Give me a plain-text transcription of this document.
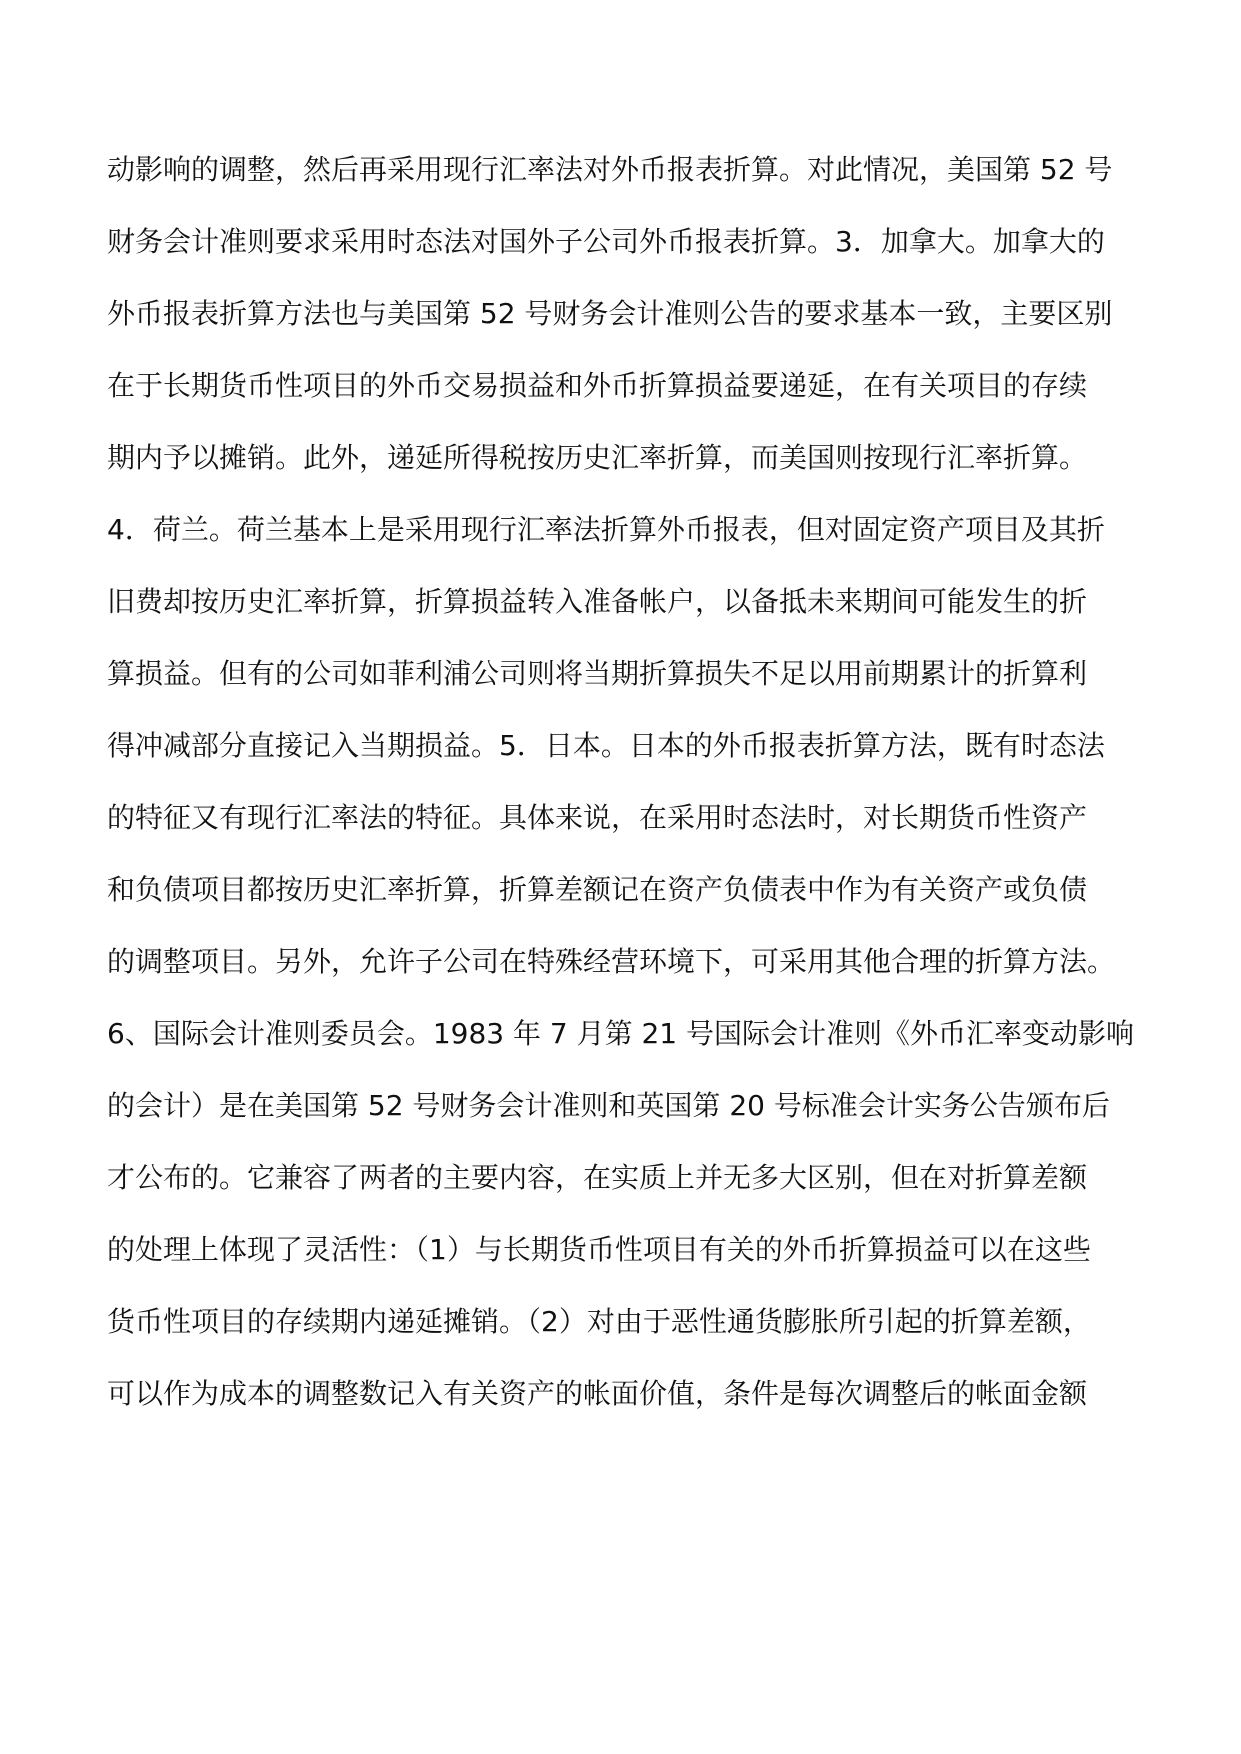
动影响的调整，然后再采用现行汇率法对外币报表折算。对此情况，美国第 52 号
财务会计准则要求采用时态法对国外子公司外币报表折算。3．加拿大。加拿大的
外币报表折算方法也与美国第 52 号财务会计准则公告的要求基本一致，主要区别
在于长期货币性项目的外币交易损益和外币折算损益要递延，在有关项目的存续
期内予以摊销。此外，递延所得税按历史汇率折算，而美国则按现行汇率折算。
4．荷兰。荷兰基本上是采用现行汇率法折算外币报表，但对固定资产项目及其折
旧费却按历史汇率折算，折算损益转入准备帐户，以备抵未来期间可能发生的折
算损益。但有的公司如菲利浦公司则将当期折算损失不足以用前期累计的折算利
得冲减部分直接记入当期损益。5．日本。日本的外币报表折算方法，既有时态法
的特征又有现行汇率法的特征。具体来说，在采用时态法时，对长期货币性资产
和负债项目都按历史汇率折算，折算差额记在资产负债表中作为有关资产或负债
的调整项目。另外，允许子公司在特殊经营环境下，可采用其他合理的折算方法。
6、国际会计准则委员会。1983 年 7 月第 21 号国际会计准则《外币汇率变动影响
的会计）是在美国第 52 号财务会计准则和英国第 20 号标准会计实务公告颁布后
才公布的。它兼容了两者的主要内容，在实质上并无多大区别，但在对折算差额
的处理上体现了灵活性：（1）与长期货币性项目有关的外币折算损益可以在这些
货币性项目的存续期内递延摊销。（2）对由于恶性通货膨胀所引起的折算差额，
可以作为成本的调整数记入有关资产的帐面价值，条件是每次调整后的帐面金额
